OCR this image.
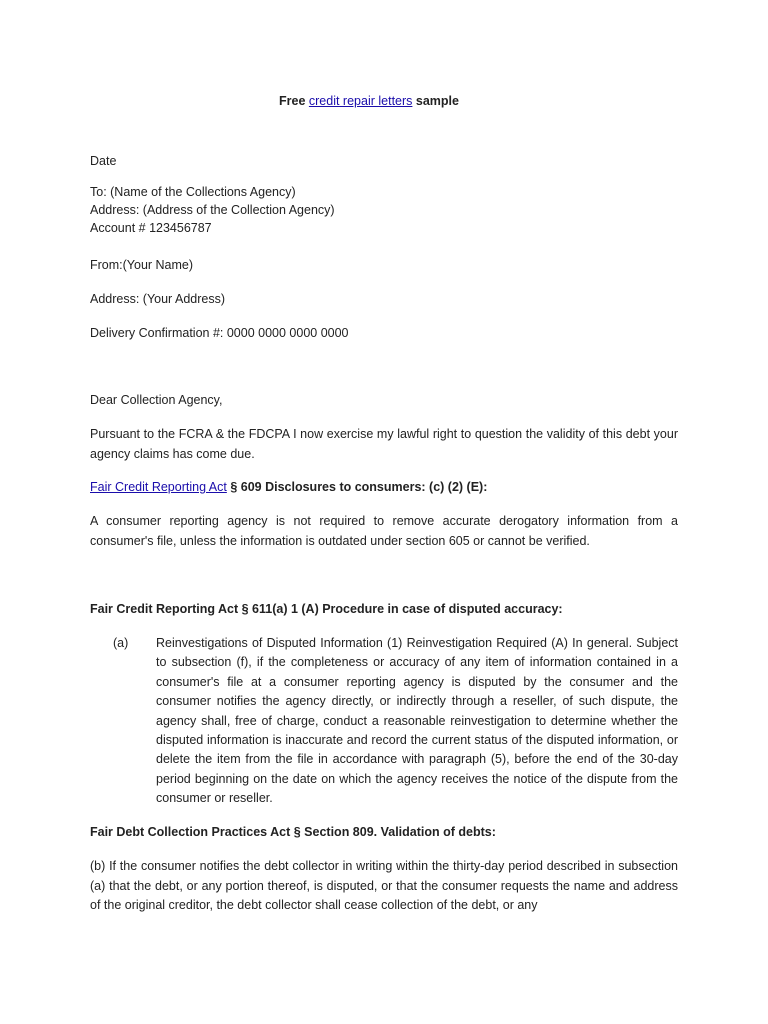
Free credit repair letters sample
Date
To: (Name of the Collections Agency)
Address: (Address of the Collection Agency)
Account # 123456787
From:(Your Name)
Address: (Your Address)
Delivery Confirmation #: 0000 0000 0000 0000
Dear Collection Agency,
Pursuant to the FCRA & the FDCPA I now exercise my lawful right to question the validity of this debt your agency claims has come due.
Fair Credit Reporting Act § 609 Disclosures to consumers: (c) (2) (E):
A consumer reporting agency is not required to remove accurate derogatory information from a consumer's file, unless the information is outdated under section 605 or cannot be verified.
Fair Credit Reporting Act § 611(a) 1 (A) Procedure in case of disputed accuracy:
(a) Reinvestigations of Disputed Information (1) Reinvestigation Required (A) In general. Subject to subsection (f), if the completeness or accuracy of any item of information contained in a consumer's file at a consumer reporting agency is disputed by the consumer and the consumer notifies the agency directly, or indirectly through a reseller, of such dispute, the agency shall, free of charge, conduct a reasonable reinvestigation to determine whether the disputed information is inaccurate and record the current status of the disputed information, or delete the item from the file in accordance with paragraph (5), before the end of the 30-day period beginning on the date on which the agency receives the notice of the dispute from the consumer or reseller.
Fair Debt Collection Practices Act § Section 809. Validation of debts:
(b) If the consumer notifies the debt collector in writing within the thirty-day period described in subsection (a) that the debt, or any portion thereof, is disputed, or that the consumer requests the name and address of the original creditor, the debt collector shall cease collection of the debt, or any
